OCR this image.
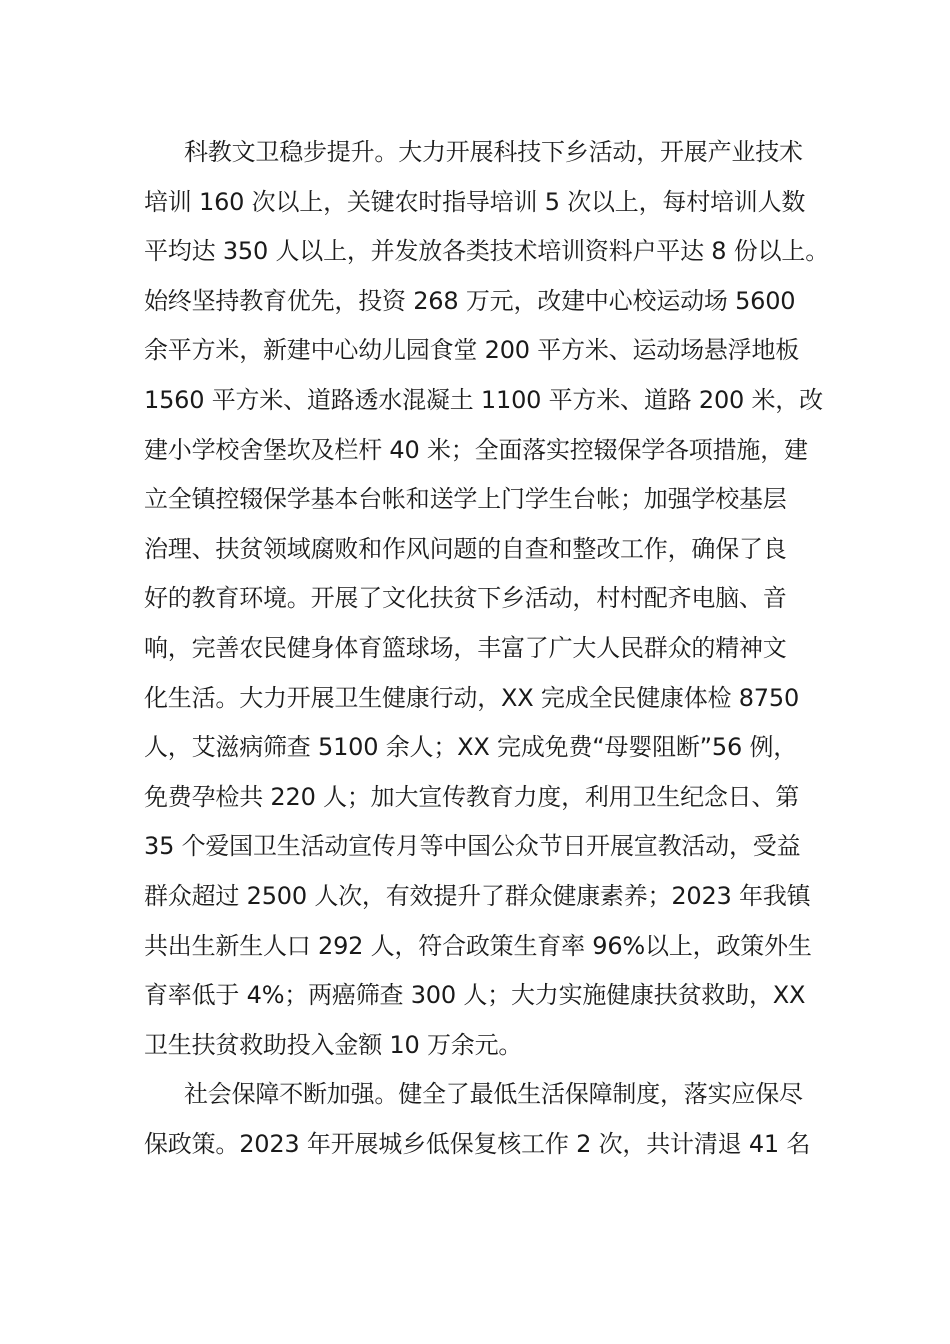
科教文卫稳步提升。大力开展科技下乡活动，开展产业技术
培训 160 次以上，关键农时指导培训 5 次以上，每村培训人数
平均达 350 人以上，并发放各类技术培训资料户平达 8 份以上。
始终坚持教育优先，投资 268 万元，改建中心校运动场 5600
余平方米，新建中心幼儿园食堂 200 平方米、运动场悬浮地板
1560 平方米、道路透水混凝土 1100 平方米、道路 200 米，改
建小学校舍堡坎及栏杆 40 米；全面落实控辍保学各项措施，建
立全镇控辍保学基本台帐和送学上门学生台帐；加强学校基层
治理、扶贫领域腐败和作风问题的自查和整改工作，确保了良
好的教育环境。开展了文化扶贫下乡活动，村村配齐电脑、音
响，完善农民健身体育篮球场，丰富了广大人民群众的精神文
化生活。大力开展卫生健康行动，XX 完成全民健康体检 8750
人，艾滋病筛查 5100 余人；XX 完成免费“母婴阻断”56 例，
免费孕检共 220 人；加大宣传教育力度，利用卫生纪念日、第
35 个爱国卫生活动宣传月等中国公众节日开展宣教活动，受益
群众超过 2500 人次，有效提升了群众健康素养；2023 年我镇
共出生新生人口 292 人，符合政策生育率 96%以上，政策外生
育率低于 4%；两癌筛查 300 人；大力实施健康扶贫救助，XX
卫生扶贫救助投入金额 10 万余元。
社会保障不断加强。健全了最低生活保障制度，落实应保尽
保政策。2023 年开展城乡低保复核工作 2 次，共计清退 41 名
